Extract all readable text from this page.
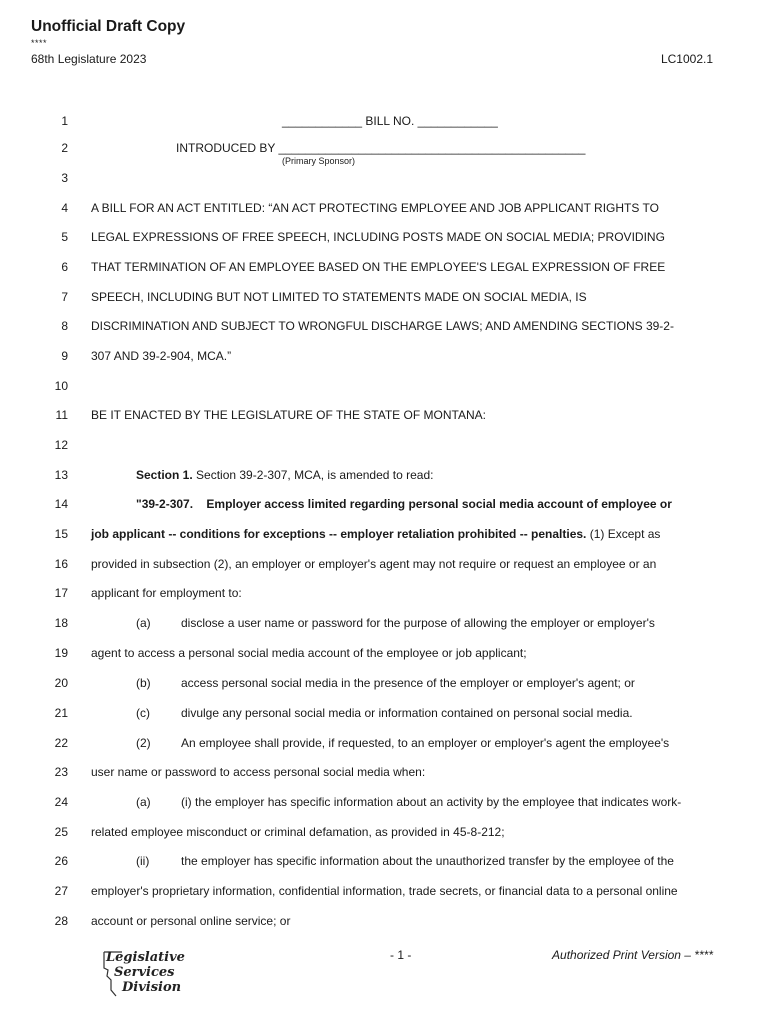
Unofficial Draft Copy
****
68th Legislature 2023	LC1002.1
1	____________ BILL NO. ____________
2	INTRODUCED BY ______________________________________________
(Primary Sponsor)
3
4 A BILL FOR AN ACT ENTITLED: “AN ACT PROTECTING EMPLOYEE AND JOB APPLICANT RIGHTS TO
5 LEGAL EXPRESSIONS OF FREE SPEECH, INCLUDING POSTS MADE ON SOCIAL MEDIA; PROVIDING
6 THAT TERMINATION OF AN EMPLOYEE BASED ON THE EMPLOYEE'S LEGAL EXPRESSION OF FREE
7 SPEECH, INCLUDING BUT NOT LIMITED TO STATEMENTS MADE ON SOCIAL MEDIA, IS
8 DISCRIMINATION AND SUBJECT TO WRONGFUL DISCHARGE LAWS; AND AMENDING SECTIONS 39-2-
9 307 AND 39-2-904, MCA.”
10
11 BE IT ENACTED BY THE LEGISLATURE OF THE STATE OF MONTANA:
12
13	Section 1. Section 39-2-307, MCA, is amended to read:
14	"39-2-307.    Employer access limited regarding personal social media account of employee or
15 job applicant -- conditions for exceptions -- employer retaliation prohibited -- penalties. (1) Except as
16 provided in subsection (2), an employer or employer's agent may not require or request an employee or an
17 applicant for employment to:
18	(a)	disclose a user name or password for the purpose of allowing the employer or employer's
19 agent to access a personal social media account of the employee or job applicant;
20	(b)	access personal social media in the presence of the employer or employer's agent; or
21	(c)	divulge any personal social media or information contained on personal social media.
22	(2)	An employee shall provide, if requested, to an employer or employer's agent the employee's
23 user name or password to access personal social media when:
24	(a)	(i) the employer has specific information about an activity by the employee that indicates work-
25 related employee misconduct or criminal defamation, as provided in 45-8-212;
26	(ii)	the employer has specific information about the unauthorized transfer by the employee of the
27 employer's proprietary information, confidential information, trade secrets, or financial data to a personal online
28 account or personal online service; or
Legislative
Services
Division
- 1 -	Authorized Print Version – ****
